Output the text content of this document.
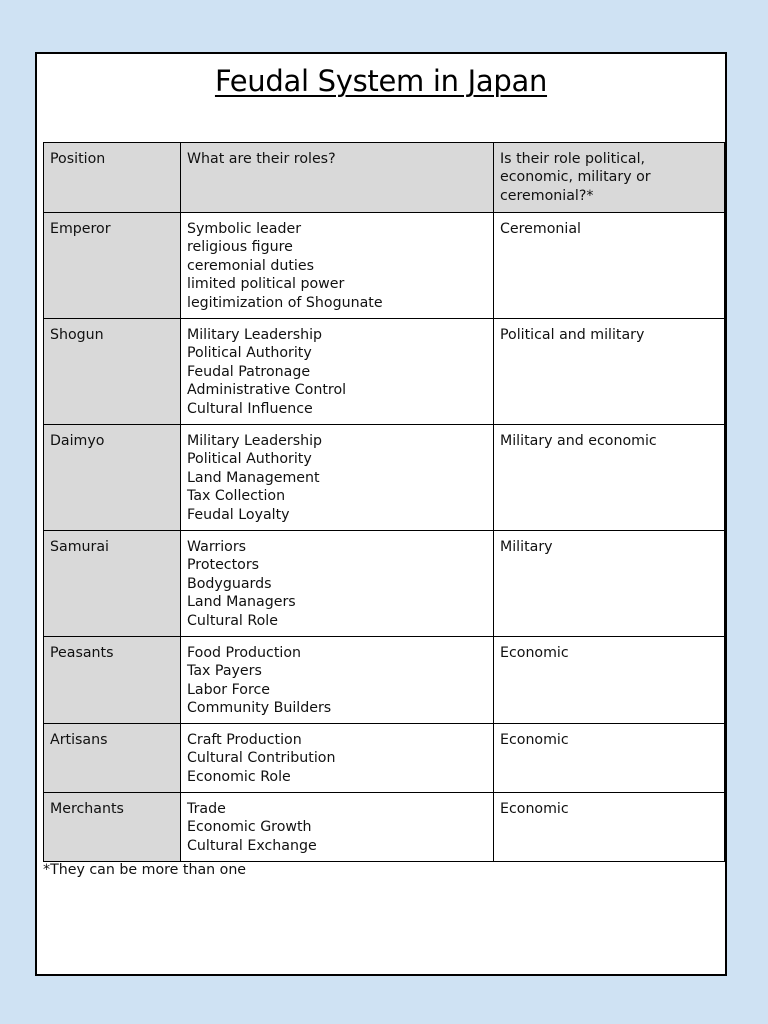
Feudal System in Japan
Position	What are their roles?	Is their role political, economic, military or ceremonial?*
Emperor	Symbolic leader
religious figure
ceremonial duties
limited political power
legitimization of Shogunate	Ceremonial
Shogun	Military Leadership
Political Authority
Feudal Patronage
Administrative Control
Cultural Influence	Political and military
Daimyo	Military Leadership
Political Authority
Land Management
Tax Collection
Feudal Loyalty	Military and economic
Samurai	Warriors
Protectors
Bodyguards
Land Managers
Cultural Role	Military
Peasants	Food Production
Tax Payers
Labor Force
Community Builders	Economic
Artisans	Craft Production
Cultural Contribution
Economic Role	Economic
Merchants	Trade
Economic Growth
Cultural Exchange	Economic
*They can be more than one
